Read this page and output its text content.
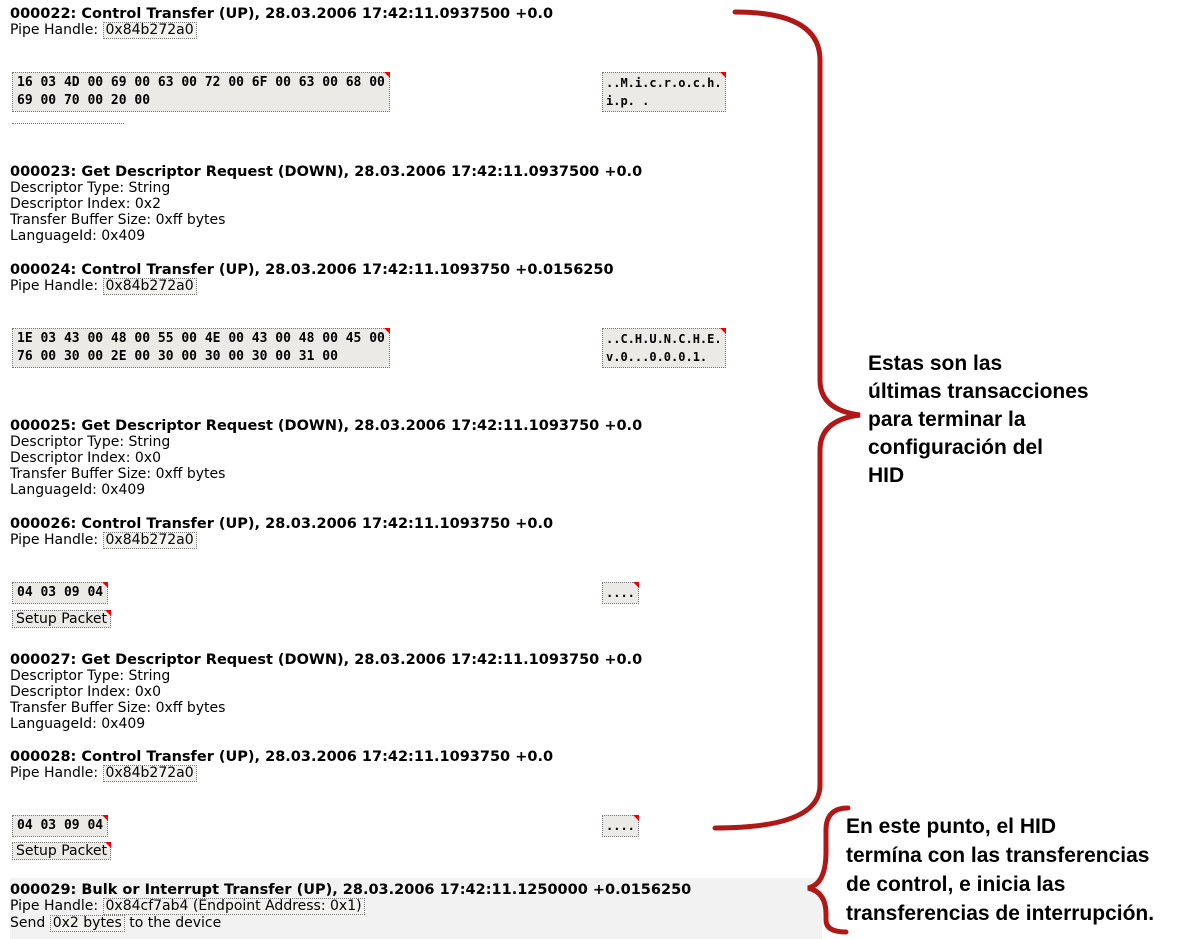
000022: Control Transfer (UP), 28.03.2006 17:42:11.0937500 +0.0
Pipe Handle: 0x84b272a0
16 03 4D 00 69 00 63 00 72 00 6F 00 63 00 68 00
69 00 70 00 20 00
..M.i.c.r.o.c.h.
i.p. .
000023: Get Descriptor Request (DOWN), 28.03.2006 17:42:11.0937500 +0.0
Descriptor Type: String
Descriptor Index: 0x2
Transfer Buffer Size: 0xff bytes
LanguageId: 0x409
000024: Control Transfer (UP), 28.03.2006 17:42:11.1093750 +0.0156250
Pipe Handle: 0x84b272a0
1E 03 43 00 48 00 55 00 4E 00 43 00 48 00 45 00
76 00 30 00 2E 00 30 00 30 00 30 00 31 00
..C.H.U.N.C.H.E.
v.0...0.0.0.1.
000025: Get Descriptor Request (DOWN), 28.03.2006 17:42:11.1093750 +0.0
Descriptor Type: String
Descriptor Index: 0x0
Transfer Buffer Size: 0xff bytes
LanguageId: 0x409
000026: Control Transfer (UP), 28.03.2006 17:42:11.1093750 +0.0
Pipe Handle: 0x84b272a0
04 03 09 04	....
Setup Packet
000027: Get Descriptor Request (DOWN), 28.03.2006 17:42:11.1093750 +0.0
Descriptor Type: String
Descriptor Index: 0x0
Transfer Buffer Size: 0xff bytes
LanguageId: 0x409
000028: Control Transfer (UP), 28.03.2006 17:42:11.1093750 +0.0
Pipe Handle: 0x84b272a0
04 03 09 04	....
Setup Packet
000029: Bulk or Interrupt Transfer (UP), 28.03.2006 17:42:11.1250000 +0.0156250
Pipe Handle: 0x84cf7ab4 (Endpoint Address: 0x1)
Send 0x2 bytes to the device
Estas son las
últimas transacciones
para terminar la
configuración del
HID
En este punto, el HID
termína con las transferencias
de control, e inicia las
transferencias de interrupción.
